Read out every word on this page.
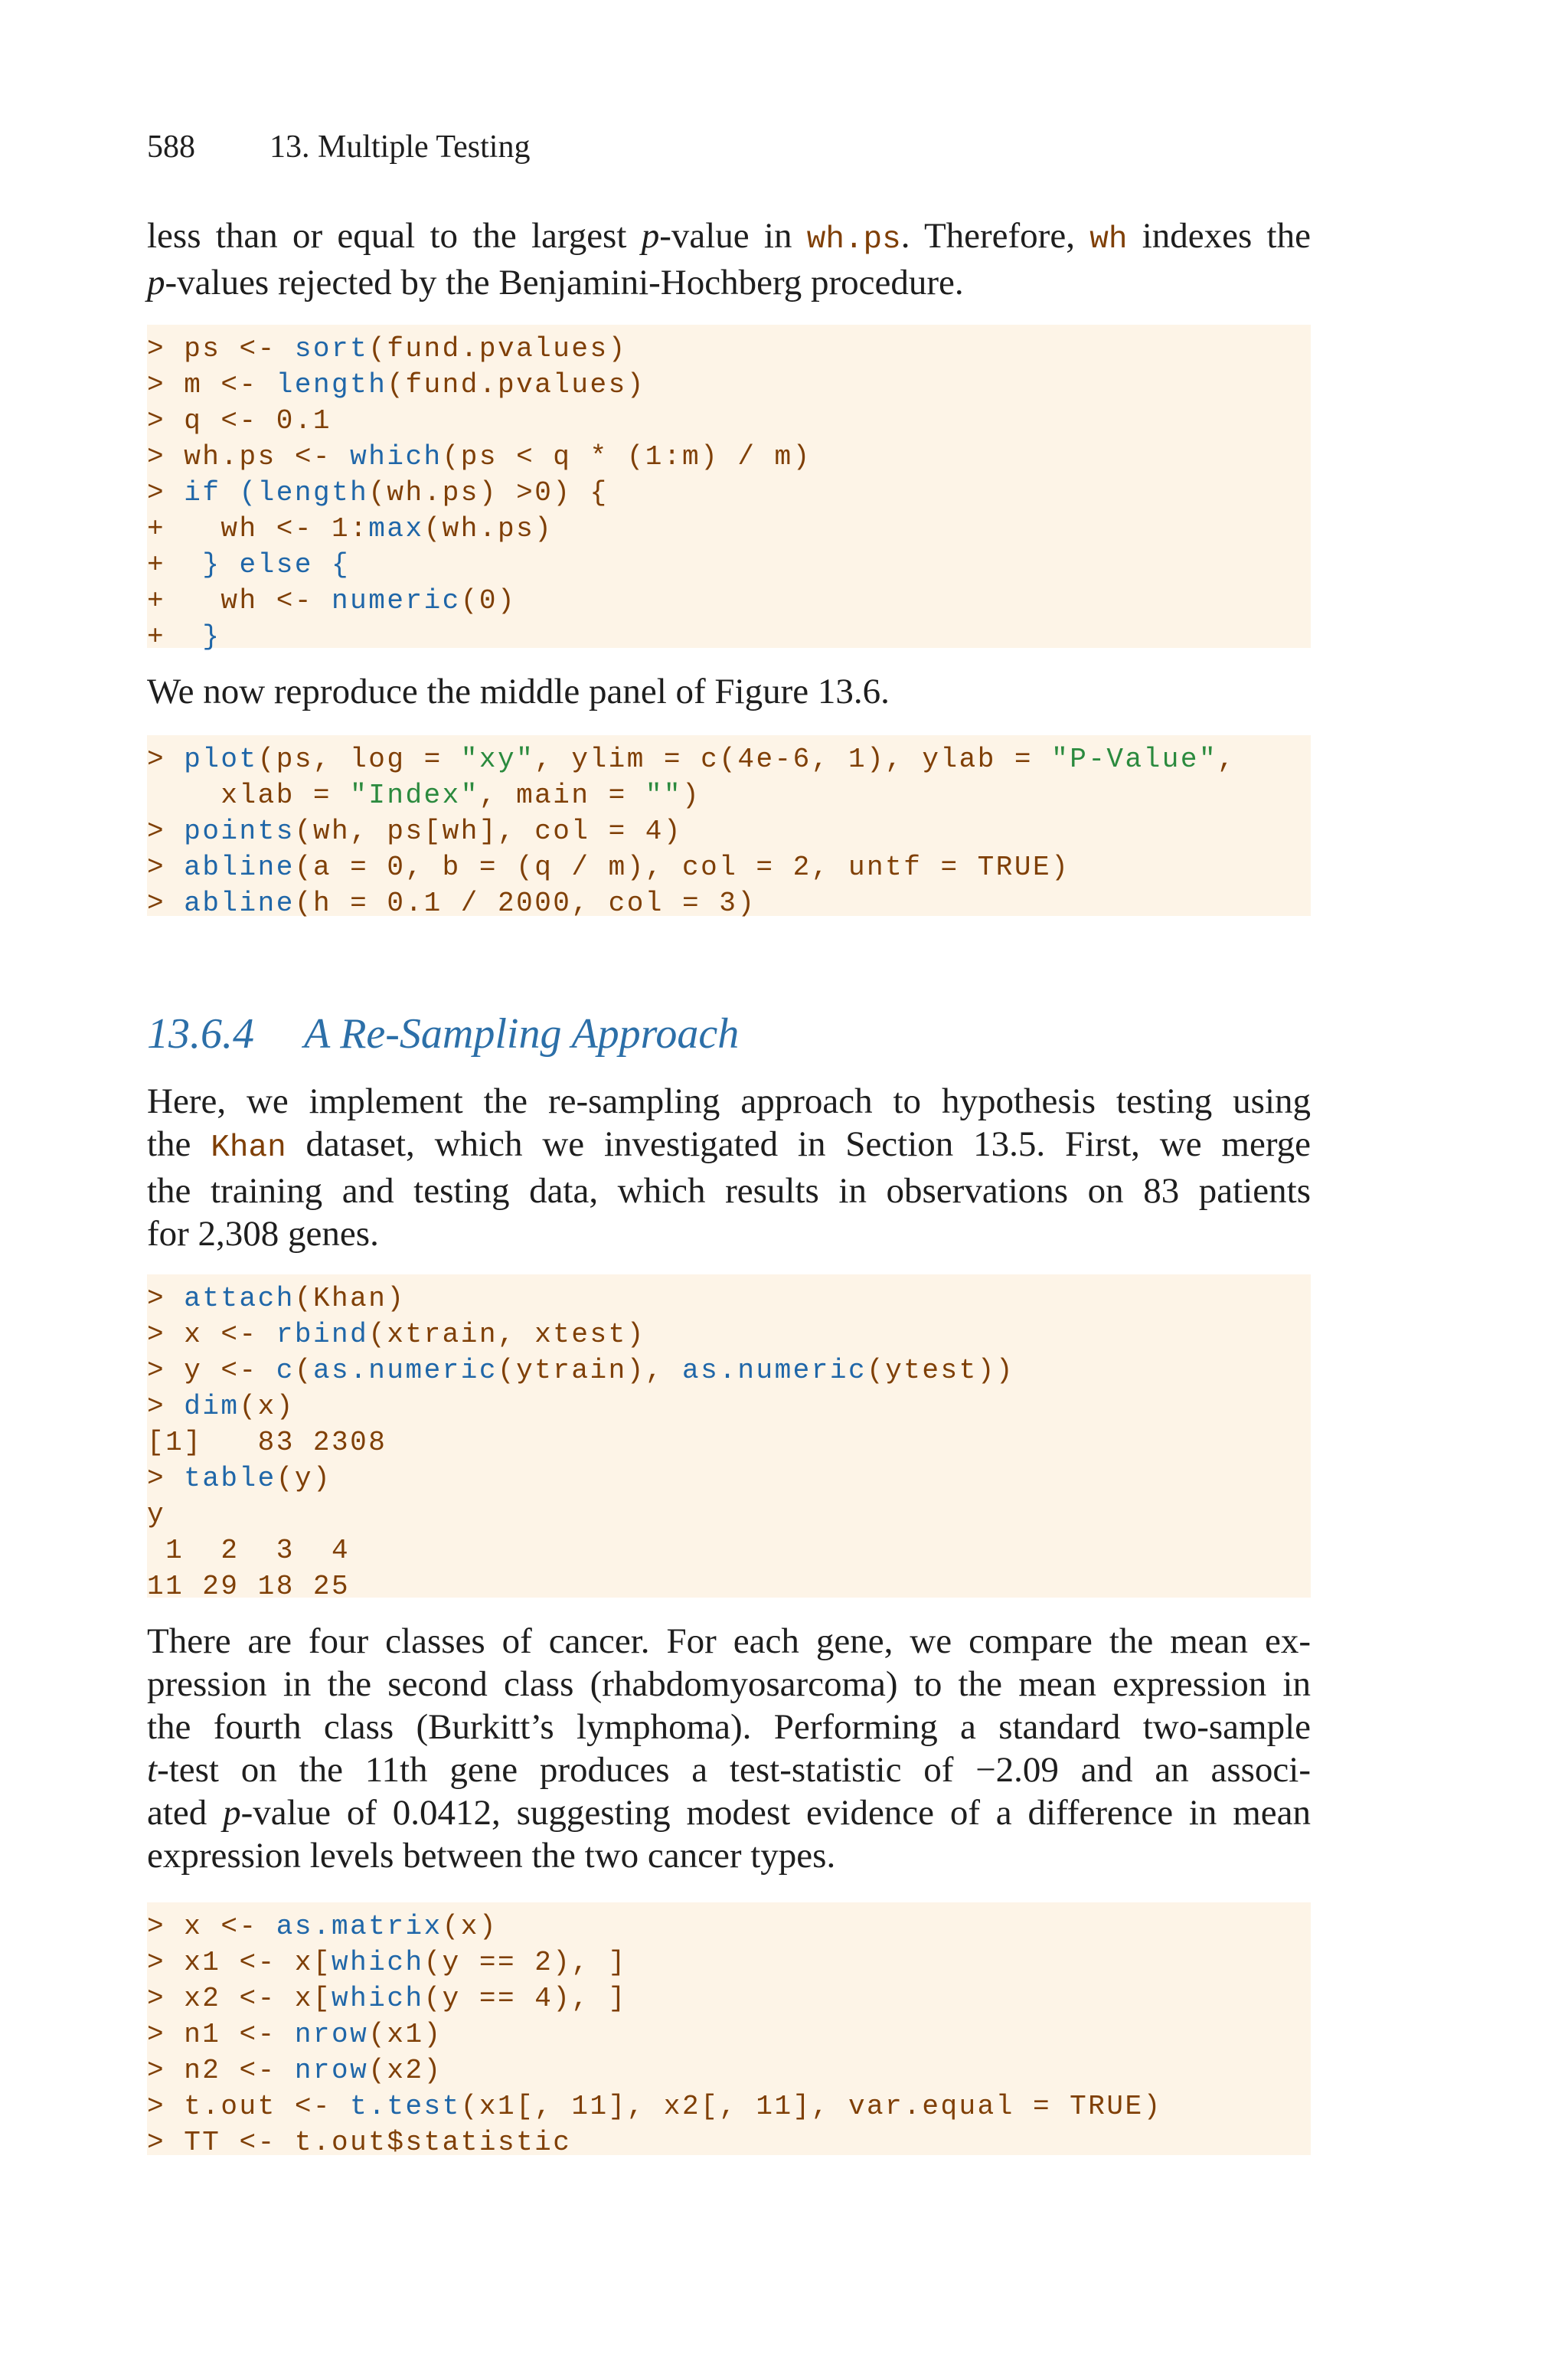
588 13. Multiple Testing
less than or equal to the largest p-value in wh.ps. Therefore, wh indexes the
p-values rejected by the Benjamini-Hochberg procedure.
> ps <- sort(fund.pvalues)
> m <- length(fund.pvalues)
> q <- 0.1
> wh.ps <- which(ps < q * (1:m) / m)
> if (length(wh.ps) >0) {
+   wh <- 1:max(wh.ps)
+  } else {
+   wh <- numeric(0)
+  }
We now reproduce the middle panel of Figure 13.6.
> plot(ps, log = "xy", ylim = c(4e-6, 1), ylab = "P-Value",
xlab = "Index", main = "")
> points(wh, ps[wh], col = 4)
> abline(a = 0, b = (q / m), col = 2, untf = TRUE)
> abline(h = 0.1 / 2000, col = 3)
13.6.4 A Re-Sampling Approach
Here, we implement the re-sampling approach to hypothesis testing using
the Khan dataset, which we investigated in Section 13.5. First, we merge
the training and testing data, which results in observations on 83 patients
for 2,308 genes.
> attach(Khan)
> x <- rbind(xtrain, xtest)
> y <- c(as.numeric(ytrain), as.numeric(ytest))
> dim(x)
[1]   83 2308
> table(y)
y
1  2  3  4
11 29 18 25
There are four classes of cancer. For each gene, we compare the mean ex-
pression in the second class (rhabdomyosarcoma) to the mean expression in
the fourth class (Burkitt’s lymphoma). Performing a standard two-sample
t-test on the 11th gene produces a test-statistic of −2.09 and an associ-
ated p-value of 0.0412, suggesting modest evidence of a difference in mean
expression levels between the two cancer types.
> x <- as.matrix(x)
> x1 <- x[which(y == 2), ]
> x2 <- x[which(y == 4), ]
> n1 <- nrow(x1)
> n2 <- nrow(x2)
> t.out <- t.test(x1[, 11], x2[, 11], var.equal = TRUE)
> TT <- t.out$statistic
